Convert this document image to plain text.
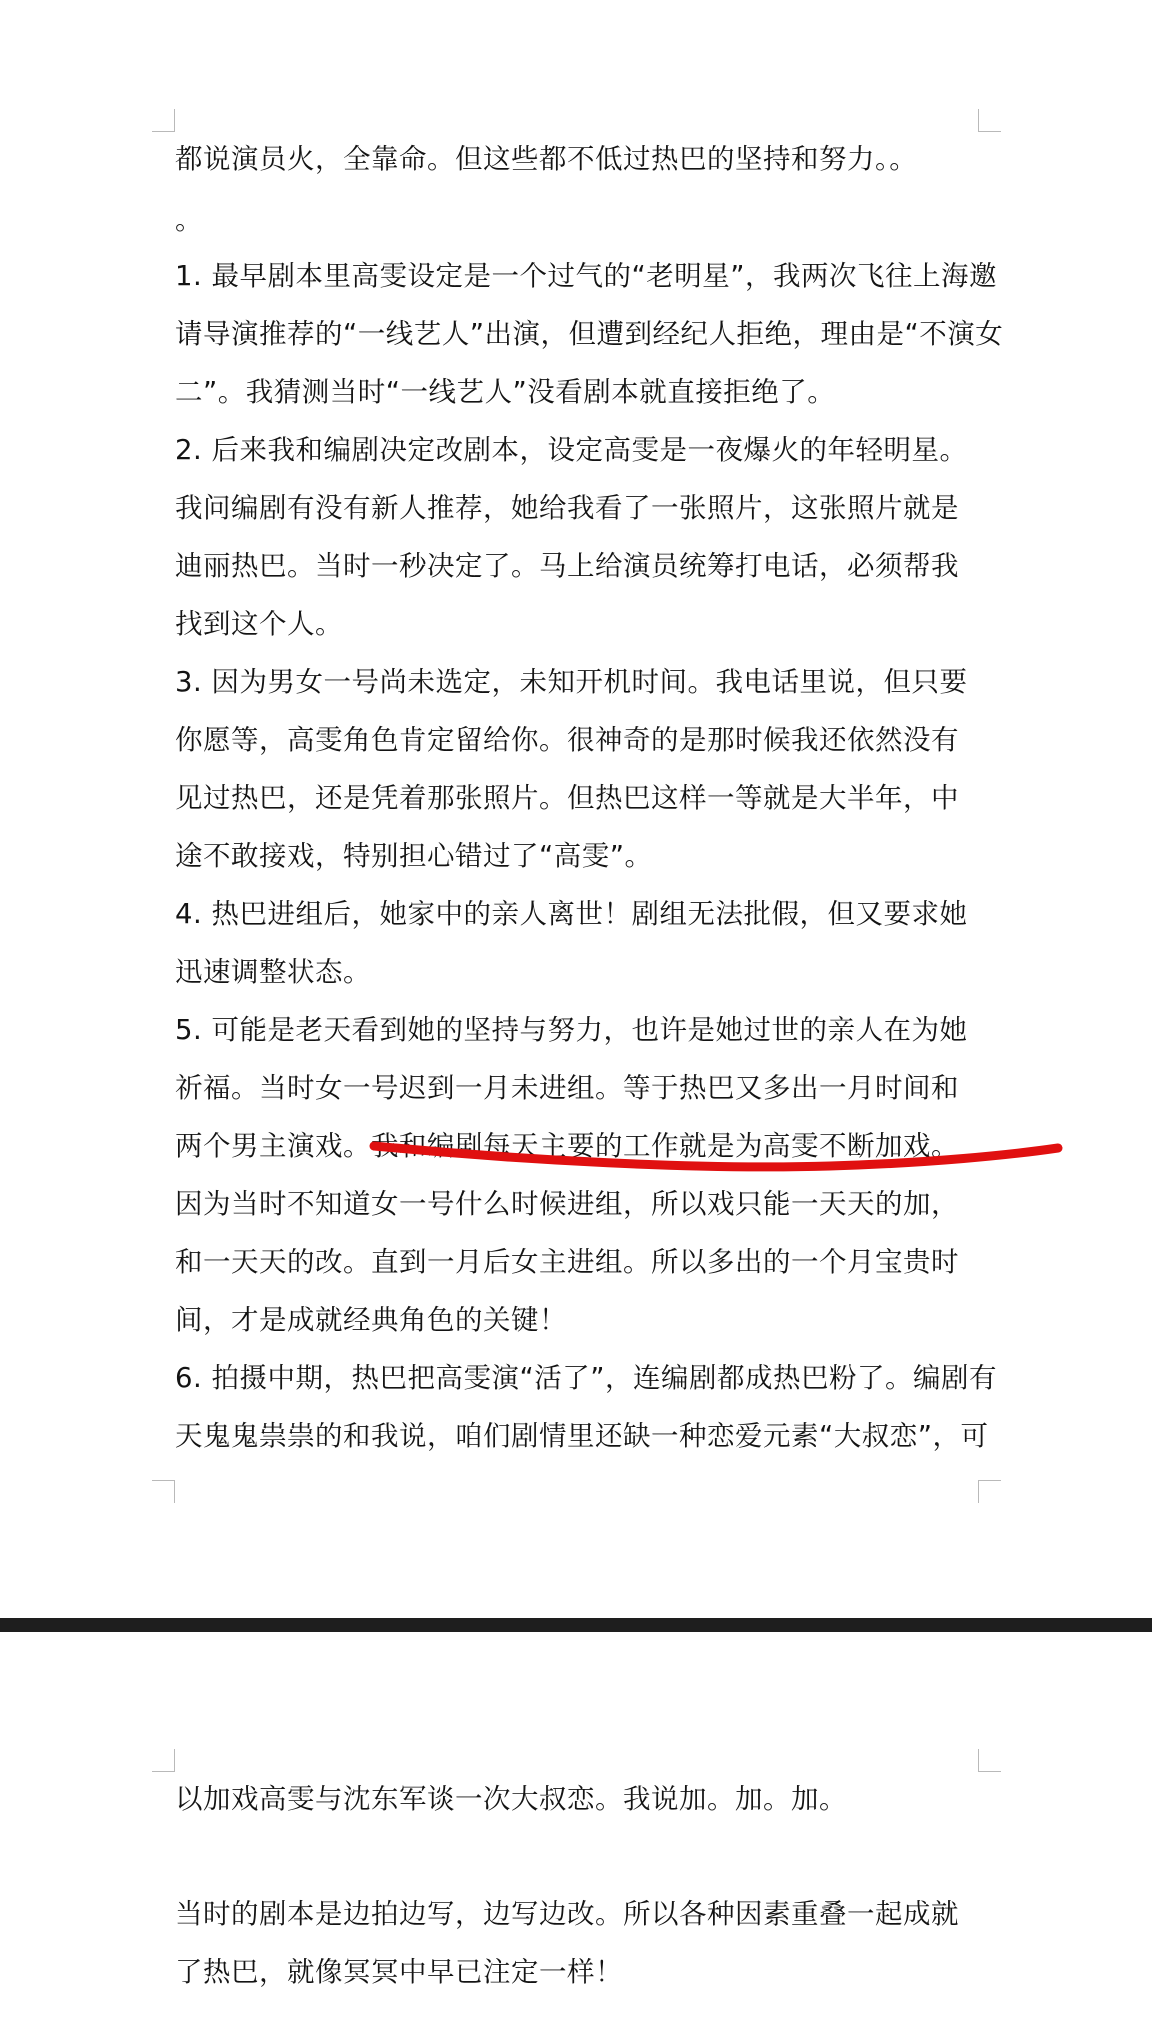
都说演员火，全靠命。但这些都不低过热巴的坚持和努力。。

。

1. 最早剧本里高雯设定是一个过气的“老明星”，我两次飞往上海邀

请导演推荐的“一线艺人”出演，但遭到经纪人拒绝，理由是“不演女

二”。我猜测当时“一线艺人”没看剧本就直接拒绝了。

2. 后来我和编剧决定改剧本，设定高雯是一夜爆火的年轻明星。

我问编剧有没有新人推荐，她给我看了一张照片，这张照片就是

迪丽热巴。当时一秒决定了。马上给演员统筹打电话，必须帮我

找到这个人。

3. 因为男女一号尚未选定，未知开机时间。我电话里说，但只要

你愿等，高雯角色肯定留给你。很神奇的是那时候我还依然没有

见过热巴，还是凭着那张照片。但热巴这样一等就是大半年，中

途不敢接戏，特别担心错过了“高雯”。

4. 热巴进组后，她家中的亲人离世！剧组无法批假，但又要求她

迅速调整状态。

5. 可能是老天看到她的坚持与努力，也许是她过世的亲人在为她

祈福。当时女一号迟到一月未进组。等于热巴又多出一月时间和

两个男主演戏。我和编剧每天主要的工作就是为高雯不断加戏。

因为当时不知道女一号什么时候进组，所以戏只能一天天的加，

和一天天的改。直到一月后女主进组。所以多出的一个月宝贵时

间，才是成就经典角色的关键！

6. 拍摄中期，热巴把高雯演“活了”，连编剧都成热巴粉了。编剧有

天鬼鬼祟祟的和我说，咱们剧情里还缺一种恋爱元素“大叔恋”，可

以加戏高雯与沈东军谈一次大叔恋。我说加。加。加。

当时的剧本是边拍边写，边写边改。所以各种因素重叠一起成就

了热巴，就像冥冥中早已注定一样！
